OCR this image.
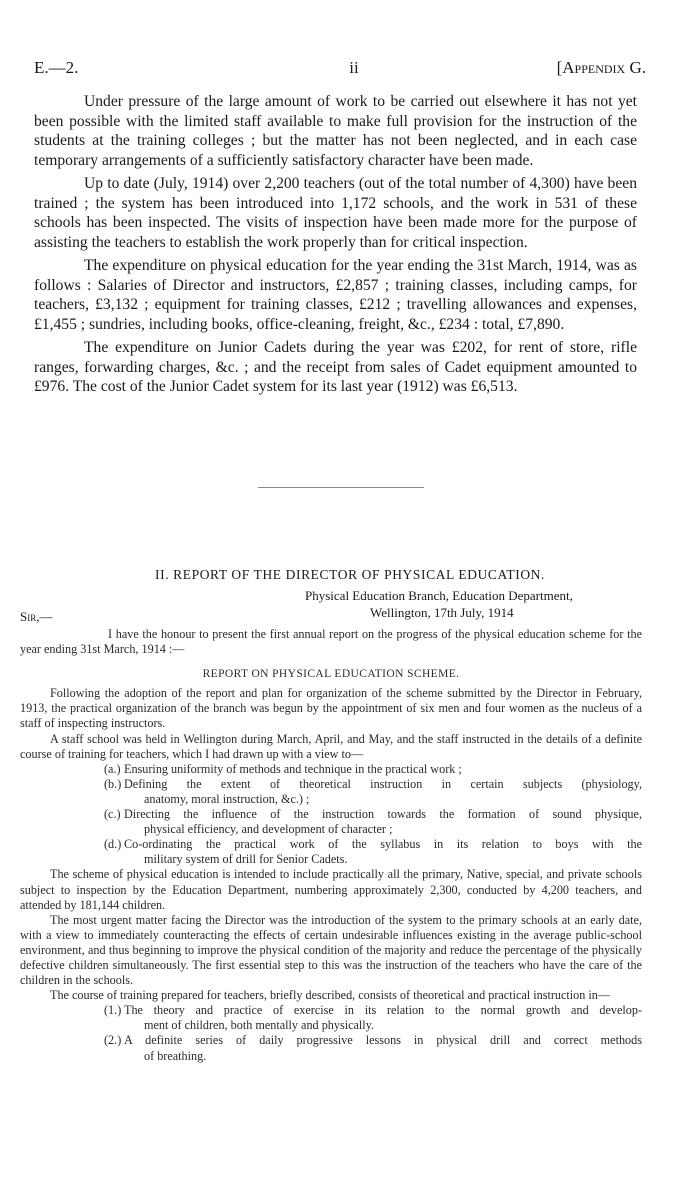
E.—2.	ii	[Appendix G.

Under pressure of the large amount of work to be carried out elsewhere it has not yet been possible with the limited staff available to make full provision for the instruction of the students at the training colleges ; but the matter has not been neglected, and in each case temporary arrangements of a sufficiently satisfactory character have been made.

Up to date (July, 1914) over 2,200 teachers (out of the total number of 4,300) have been trained ; the system has been introduced into 1,172 schools, and the work in 531 of these schools has been inspected. The visits of inspection have been made more for the purpose of assisting the teachers to establish the work properly than for critical inspection.

The expenditure on physical education for the year ending the 31st March, 1914, was as follows : Salaries of Director and instructors, £2,857 ; training classes, including camps, for teachers, £3,132 ; equipment for training classes, £212 ; travelling allowances and expenses, £1,455 ; sundries, including books, office-cleaning, freight, &c., £234 : total, £7,890.

The expenditure on Junior Cadets during the year was £202, for rent of store, rifle ranges, forwarding charges, &c. ; and the receipt from sales of Cadet equipment amounted to £976. The cost of the Junior Cadet system for its last year (1912) was £6,513.

II. REPORT OF THE DIRECTOR OF PHYSICAL EDUCATION.
Physical Education Branch, Education Department,
Wellington, 17th July, 1914
Sir,—

I have the honour to present the first annual report on the progress of the physical education scheme for the year ending 31st March, 1914 :—

REPORT ON PHYSICAL EDUCATION SCHEME.

Following the adoption of the report and plan for organization of the scheme submitted by the Director in February, 1913, the practical organization of the branch was begun by the appointment of six men and four women as the nucleus of a staff of inspecting instructors.

A staff school was held in Wellington during March, April, and May, and the staff instructed in the details of a definite course of training for teachers, which I had drawn up with a view to—

(a.) Ensuring uniformity of methods and technique in the practical work ;
(b.) Defining the extent of theoretical instruction in certain subjects (physiology,
anatomy, moral instruction, &c.) ;
(c.) Directing the influence of the instruction towards the formation of sound physique,
physical efficiency, and development of character ;
(d.) Co-ordinating the practical work of the syllabus in its relation to boys with the
military system of drill for Senior Cadets.

The scheme of physical education is intended to include practically all the primary, Native, special, and private schools subject to inspection by the Education Department, numbering approximately 2,300, conducted by 4,200 teachers, and attended by 181,144 children.

The most urgent matter facing the Director was the introduction of the system to the primary schools at an early date, with a view to immediately counteracting the effects of certain undesirable influences existing in the average public-school environment, and thus beginning to improve the physical condition of the majority and reduce the percentage of the physically defective children simultaneously. The first essential step to this was the instruction of the teachers who have the care of the children in the schools.

The course of training prepared for teachers, briefly described, consists of theoretical and practical instruction in—

(1.) The theory and practice of exercise in its relation to the normal growth and develop-
ment of children, both mentally and physically.
(2.) A definite series of daily progressive lessons in physical drill and correct methods
of breathing.
